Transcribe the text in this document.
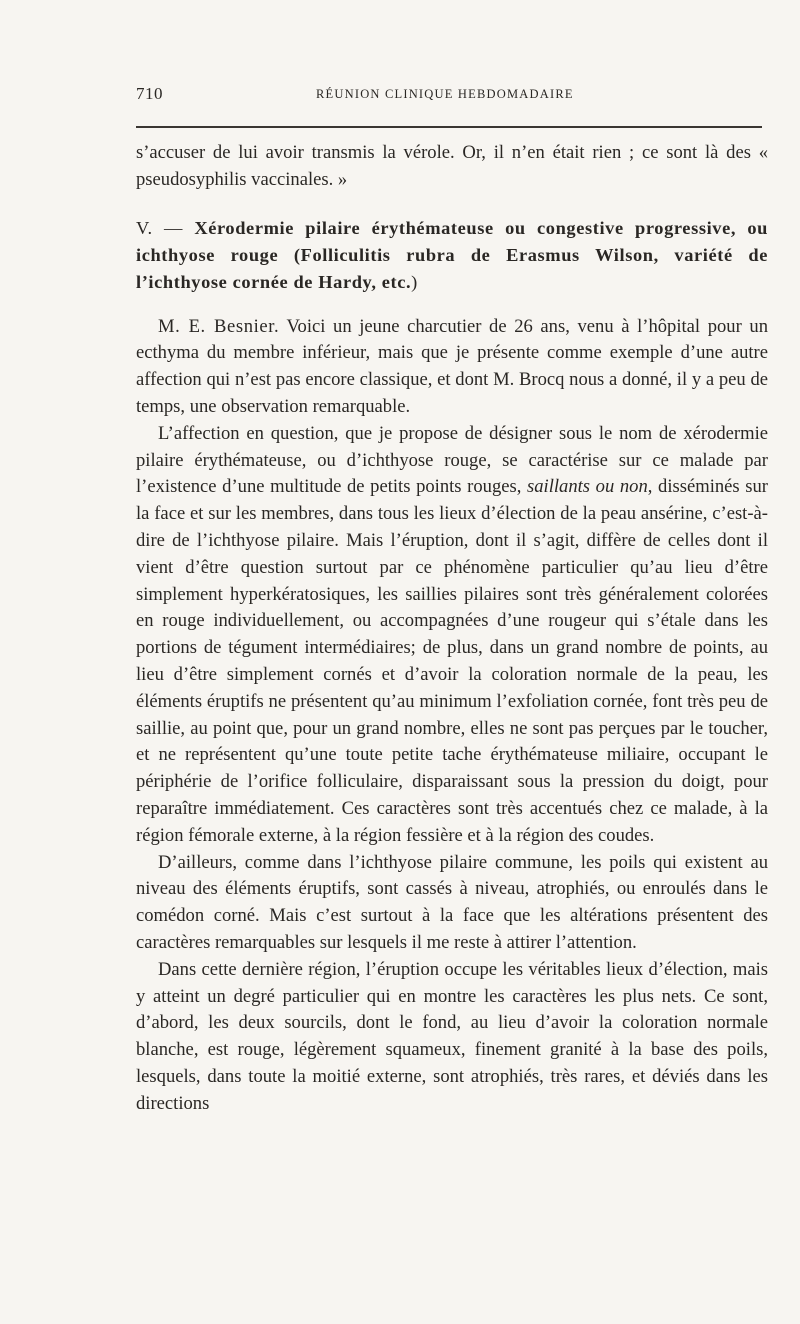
710	RÉUNION CLINIQUE HEBDOMADAIRE

s’accuser de lui avoir transmis la vérole. Or, il n’en était rien ; ce sont là des « pseudosyphilis vaccinales. »

V. — Xérodermie pilaire érythémateuse ou congestive progressive, ou ichthyose rouge (Folliculitis rubra de Erasmus Wilson, variété de l’ichthyose cornée de Hardy, etc.)

M. E. Besnier. Voici un jeune charcutier de 26 ans, venu à l’hôpital pour un ecthyma du membre inférieur, mais que je présente comme exemple d’une autre affection qui n’est pas encore classique, et dont M. Brocq nous a donné, il y a peu de temps, une observation remarquable.

L’affection en question, que je propose de désigner sous le nom de xérodermie pilaire érythémateuse, ou d’ichthyose rouge, se caractérise sur ce malade par l’existence d’une multitude de petits points rouges, saillants ou non, disséminés sur la face et sur les membres, dans tous les lieux d’élection de la peau ansérine, c’est-à-dire de l’ichthyose pilaire. Mais l’éruption, dont il s’agit, diffère de celles dont il vient d’être question surtout par ce phénomène particulier qu’au lieu d’être simplement hyperkératosiques, les saillies pilaires sont très généralement colorées en rouge individuellement, ou accompagnées d’une rougeur qui s’étale dans les portions de tégument intermédiaires; de plus, dans un grand nombre de points, au lieu d’être simplement cornés et d’avoir la coloration normale de la peau, les éléments éruptifs ne présentent qu’au minimum l’exfoliation cornée, font très peu de saillie, au point que, pour un grand nombre, elles ne sont pas perçues par le toucher, et ne représentent qu’une toute petite tache érythémateuse miliaire, occupant le périphérie de l’orifice folliculaire, disparaissant sous la pression du doigt, pour reparaître immédiatement. Ces caractères sont très accentués chez ce malade, à la région fémorale externe, à la région fessière et à la région des coudes.

D’ailleurs, comme dans l’ichthyose pilaire commune, les poils qui existent au niveau des éléments éruptifs, sont cassés à niveau, atrophiés, ou enroulés dans le comédon corné. Mais c’est surtout à la face que les altérations présentent des caractères remarquables sur lesquels il me reste à attirer l’attention.

Dans cette dernière région, l’éruption occupe les véritables lieux d’élection, mais y atteint un degré particulier qui en montre les caractères les plus nets. Ce sont, d’abord, les deux sourcils, dont le fond, au lieu d’avoir la coloration normale blanche, est rouge, légèrement squameux, finement granité à la base des poils, lesquels, dans toute la moitié externe, sont atrophiés, très rares, et déviés dans les directions
